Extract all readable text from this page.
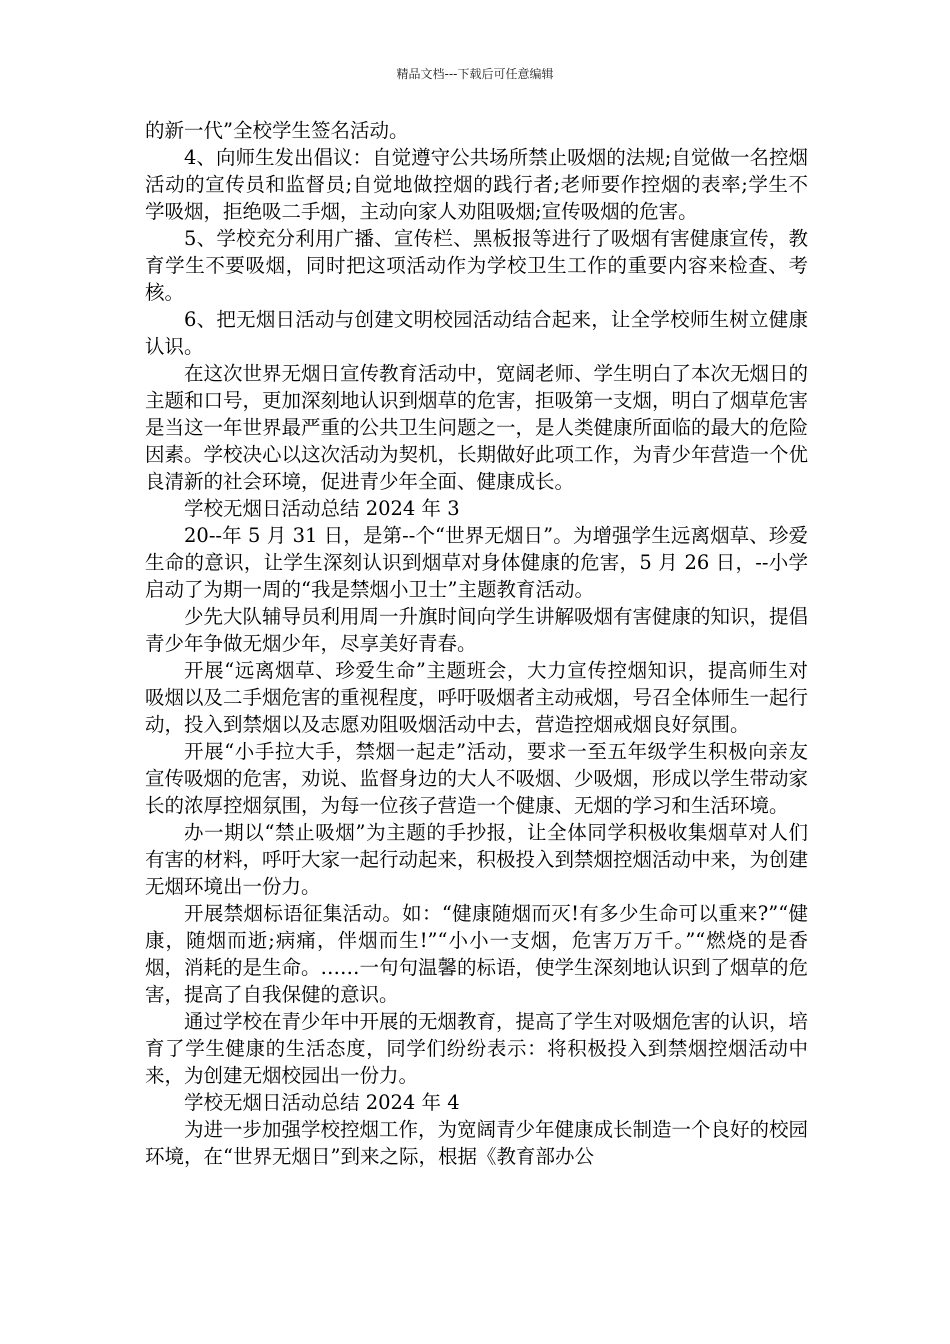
精品文档---下载后可任意编辑

的新一代”全校学生签名活动。

4、向师生发出倡议：自觉遵守公共场所禁止吸烟的法规;自觉做一名控烟活动的宣传员和监督员;自觉地做控烟的践行者;老师要作控烟的表率;学生不学吸烟，拒绝吸二手烟，主动向家人劝阻吸烟;宣传吸烟的危害。

5、学校充分利用广播、宣传栏、黑板报等进行了吸烟有害健康宣传，教育学生不要吸烟，同时把这项活动作为学校卫生工作的重要内容来检查、考核。

6、把无烟日活动与创建文明校园活动结合起来，让全学校师生树立健康认识。

在这次世界无烟日宣传教育活动中，宽阔老师、学生明白了本次无烟日的主题和口号，更加深刻地认识到烟草的危害，拒吸第一支烟，明白了烟草危害是当这一年世界最严重的公共卫生问题之一，是人类健康所面临的最大的危险因素。学校决心以这次活动为契机，长期做好此项工作，为青少年营造一个优良清新的社会环境，促进青少年全面、健康成长。

学校无烟日活动总结 2024 年 3

20--年 5 月 31 日，是第--个“世界无烟日”。为增强学生远离烟草、珍爱生命的意识，让学生深刻认识到烟草对身体健康的危害，5 月 26 日，--小学启动了为期一周的“我是禁烟小卫士”主题教育活动。

少先大队辅导员利用周一升旗时间向学生讲解吸烟有害健康的知识，提倡青少年争做无烟少年，尽享美好青春。

开展“远离烟草、珍爱生命”主题班会，大力宣传控烟知识，提高师生对吸烟以及二手烟危害的重视程度，呼吁吸烟者主动戒烟，号召全体师生一起行动，投入到禁烟以及志愿劝阻吸烟活动中去，营造控烟戒烟良好氛围。

开展“小手拉大手，禁烟一起走”活动，要求一至五年级学生积极向亲友宣传吸烟的危害，劝说、监督身边的大人不吸烟、少吸烟，形成以学生带动家长的浓厚控烟氛围，为每一位孩子营造一个健康、无烟的学习和生活环境。

办一期以“禁止吸烟”为主题的手抄报，让全体同学积极收集烟草对人们有害的材料，呼吁大家一起行动起来，积极投入到禁烟控烟活动中来，为创建无烟环境出一份力。

开展禁烟标语征集活动。如：“健康随烟而灭!有多少生命可以重来?”“健康，随烟而逝;病痛，伴烟而生!”“小小一支烟，危害万万千。”“燃烧的是香烟，消耗的是生命。……一句句温馨的标语，使学生深刻地认识到了烟草的危害，提高了自我保健的意识。

通过学校在青少年中开展的无烟教育，提高了学生对吸烟危害的认识，培育了学生健康的生活态度，同学们纷纷表示：将积极投入到禁烟控烟活动中来，为创建无烟校园出一份力。

学校无烟日活动总结 2024 年 4

为进一步加强学校控烟工作，为宽阔青少年健康成长制造一个良好的校园环境，在“世界无烟日”到来之际，根据《教育部办公
